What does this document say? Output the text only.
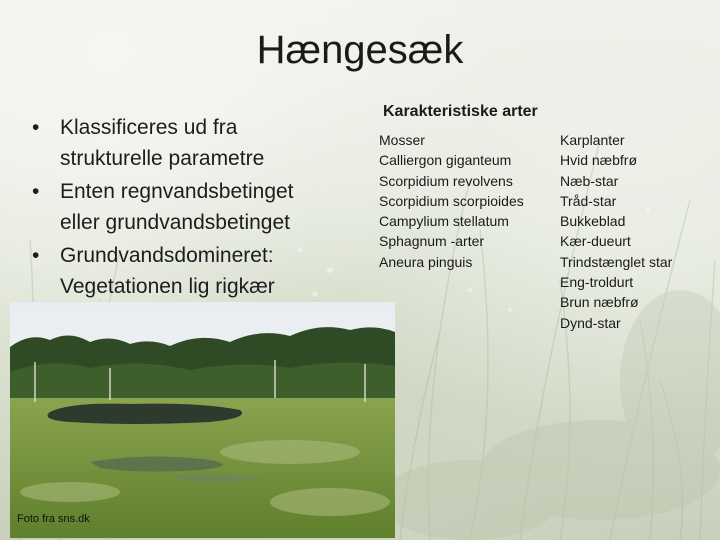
Hængesæk
• Klassificeres ud fra strukturelle parametre
• Enten regnvandsbetinget eller grundvandsbetinget
• Grundvandsdomineret: Vegetationen lig rigkær
Foto fra sns.dk
Karakteristiske arter
Mosser
Calliergon giganteum
Scorpidium revolvens
Scorpidium scorpioides
Campylium stellatum
Sphagnum -arter
Aneura pinguis
Karplanter
Hvid næbfrø
Næb-star
Tråd-star
Bukkeblad
Kær-dueurt
Trindstænglet star
Eng-troldurt
Brun næbfrø
Dynd-star
